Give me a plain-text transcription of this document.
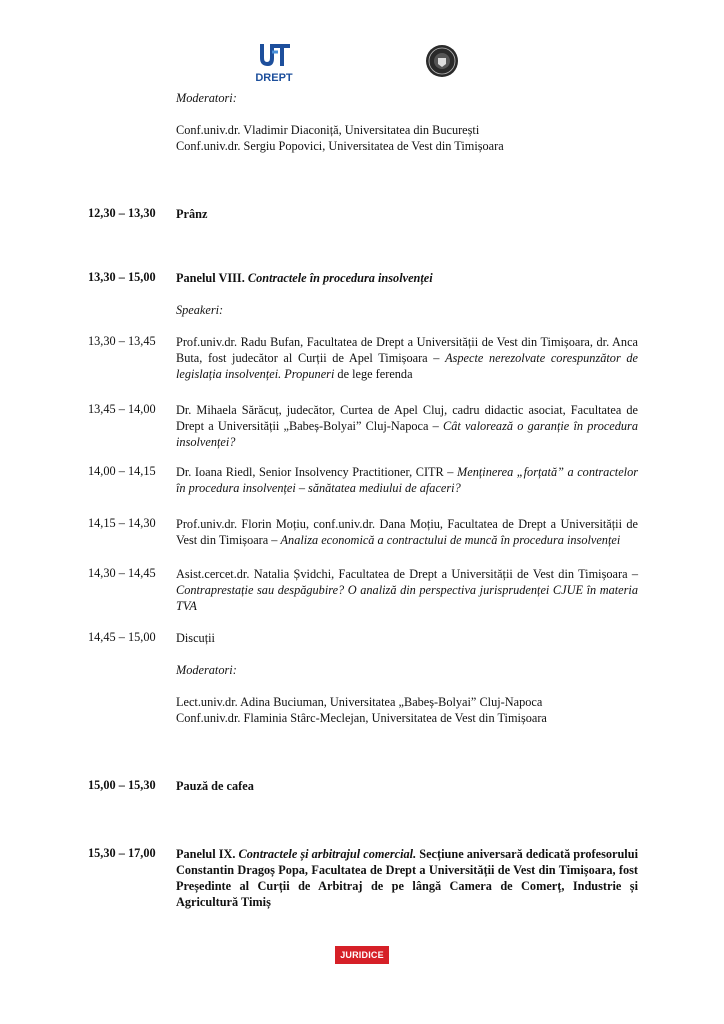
DREPT
Moderatori:
Conf.univ.dr. Vladimir Diaconiță, Universitatea din București
Conf.univ.dr. Sergiu Popovici, Universitatea de Vest din Timișoara
12,30 – 13,30	Prânz
13,30 – 15,00	Panelul VIII. Contractele în procedura insolvenței
Speakeri:
13,30 – 13,45	Prof.univ.dr. Radu Bufan, Facultatea de Drept a Universității de Vest din Timișoara, dr. Anca Buta, fost judecător al Curții de Apel Timișoara – Aspecte nerezolvate corespunzător de legislația insolvenței. Propuneri de lege ferenda
13,45 – 14,00	Dr. Mihaela Sărăcuț, judecător, Curtea de Apel Cluj, cadru didactic asociat, Facultatea de Drept a Universității „Babeș-Bolyai” Cluj-Napoca – Cât valorează o garanție în procedura insolvenței?
14,00 – 14,15	Dr. Ioana Riedl, Senior Insolvency Practitioner, CITR – Menținerea „forțată” a contractelor în procedura insolvenței – sănătatea mediului de afaceri?
14,15 – 14,30	Prof.univ.dr. Florin Moțiu, conf.univ.dr. Dana Moțiu, Facultatea de Drept a Universității de Vest din Timișoara – Analiza economică a contractului de muncă în procedura insolvenței
14,30 – 14,45	Asist.cercet.dr. Natalia Șvidchi, Facultatea de Drept a Universității de Vest din Timișoara – Contraprestație sau despăgubire? O analiză din perspectiva jurisprudenței CJUE în materia TVA
14,45 – 15,00	Discuții
Moderatori:
Lect.univ.dr. Adina Buciuman, Universitatea „Babeș-Bolyai” Cluj-Napoca
Conf.univ.dr. Flaminia Stârc-Meclejan, Universitatea de Vest din Timișoara
15,00 – 15,30	Pauză de cafea
15,30 – 17,00	Panelul IX. Contractele și arbitrajul comercial. Secțiune aniversară dedicată profesorului Constantin Dragoș Popa, Facultatea de Drept a Universității de Vest din Timișoara, fost Președinte al Curții de Arbitraj de pe lângă Camera de Comerț, Industrie și Agricultură Timiș
JURIDICE
